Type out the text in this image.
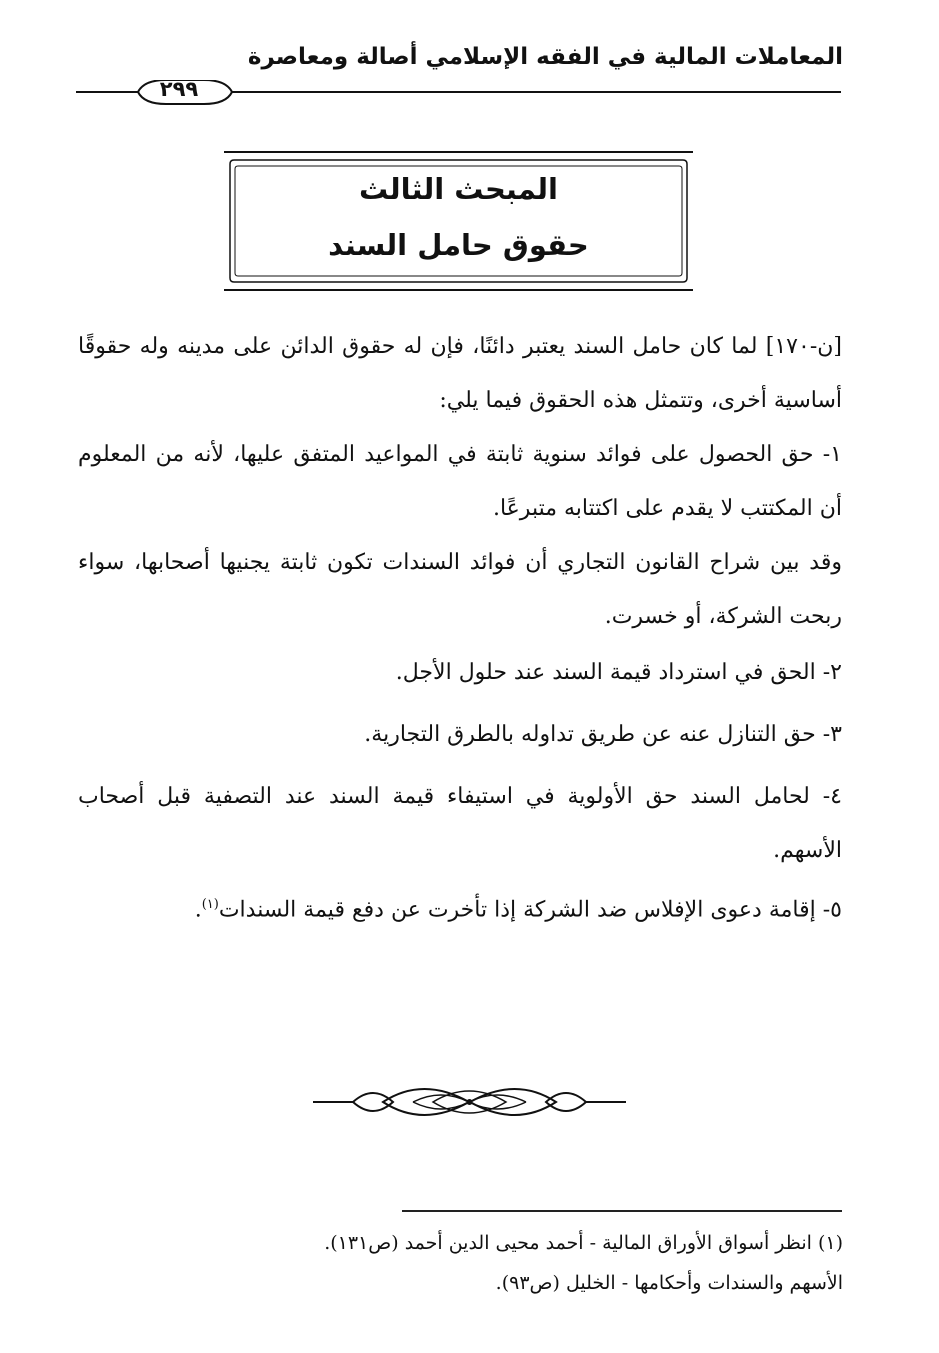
المعاملات المالية في الفقه الإسلامي أصالة ومعاصرة
٢٩٩
المبحث الثالث
حقوق حامل السند

[ن-١٧٠] لما كان حامل السند يعتبر دائنًا، فإن له حقوق الدائن على مدينه وله حقوقًا أساسية أخرى، وتتمثل هذه الحقوق فيما يلي:

١- حق الحصول على فوائد سنوية ثابتة في المواعيد المتفق عليها، لأنه من المعلوم أن المكتتب لا يقدم على اكتتابه متبرعًا.

وقد بين شراح القانون التجاري أن فوائد السندات تكون ثابتة يجنيها أصحابها، سواء ربحت الشركة، أو خسرت.

٢- الحق في استرداد قيمة السند عند حلول الأجل.

٣- حق التنازل عنه عن طريق تداوله بالطرق التجارية.

٤- لحامل السند حق الأولوية في استيفاء قيمة السند عند التصفية قبل أصحاب الأسهم.

٥- إقامة دعوى الإفلاس ضد الشركة إذا تأخرت عن دفع قيمة السندات$^{(١)}$.

(١) انظر أسواق الأوراق المالية - أحمد محيى الدين أحمد (ص١٣١).

الأسهم والسندات وأحكامها - الخليل (ص٩٣).
